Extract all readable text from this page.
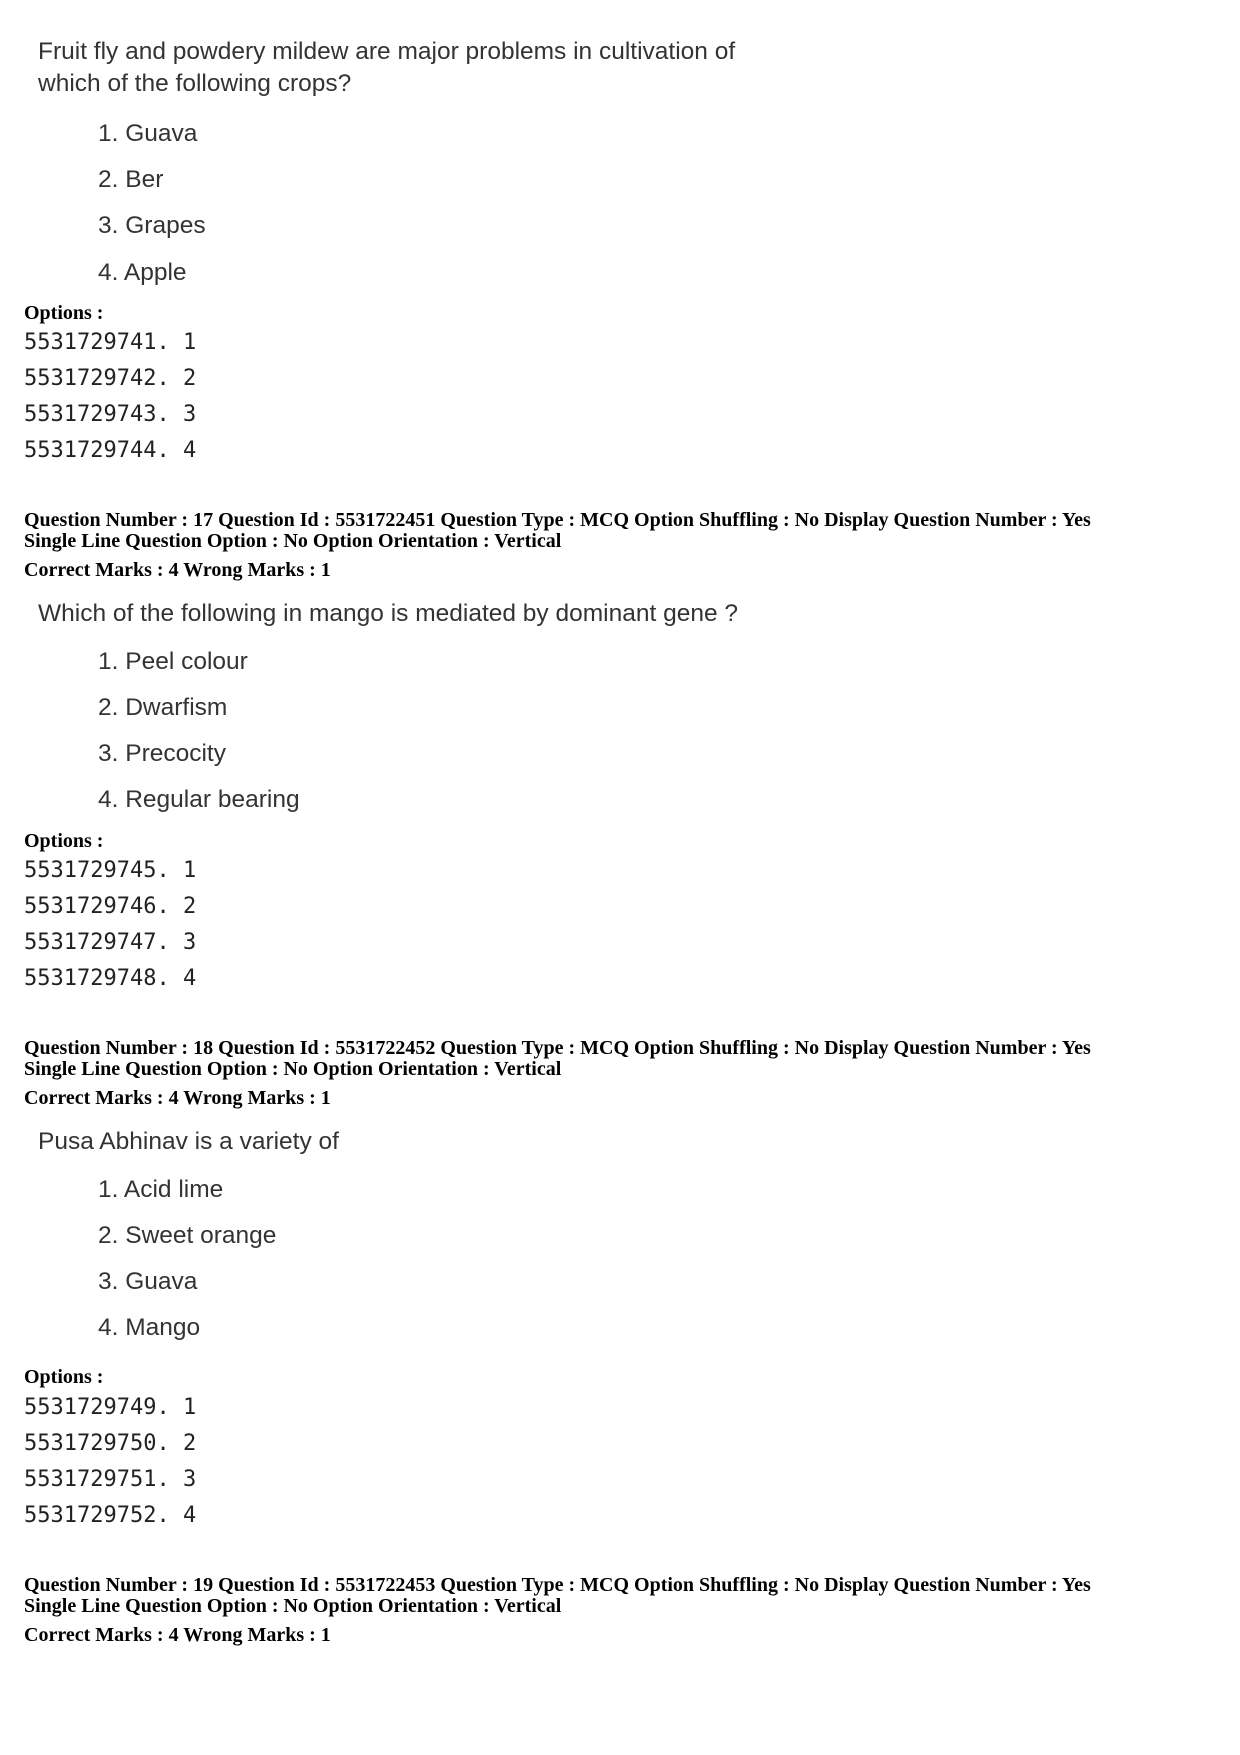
Fruit fly and powdery mildew are major problems in cultivation of
which of the following crops?
1. Guava
2. Ber
3. Grapes
4. Apple
Options :
5531729741. 1
5531729742. 2
5531729743. 3
5531729744. 4
Question Number : 17 Question Id : 5531722451 Question Type : MCQ Option Shuffling : No Display Question Number : Yes
Single Line Question Option : No Option Orientation : Vertical
Correct Marks : 4 Wrong Marks : 1
Which of the following in mango is mediated by dominant gene ?
1. Peel colour
2. Dwarfism
3. Precocity
4. Regular bearing
Options :
5531729745. 1
5531729746. 2
5531729747. 3
5531729748. 4
Question Number : 18 Question Id : 5531722452 Question Type : MCQ Option Shuffling : No Display Question Number : Yes
Single Line Question Option : No Option Orientation : Vertical
Correct Marks : 4 Wrong Marks : 1
Pusa Abhinav is a variety of
1. Acid lime
2. Sweet orange
3. Guava
4. Mango
Options :
5531729749. 1
5531729750. 2
5531729751. 3
5531729752. 4
Question Number : 19 Question Id : 5531722453 Question Type : MCQ Option Shuffling : No Display Question Number : Yes
Single Line Question Option : No Option Orientation : Vertical
Correct Marks : 4 Wrong Marks : 1
